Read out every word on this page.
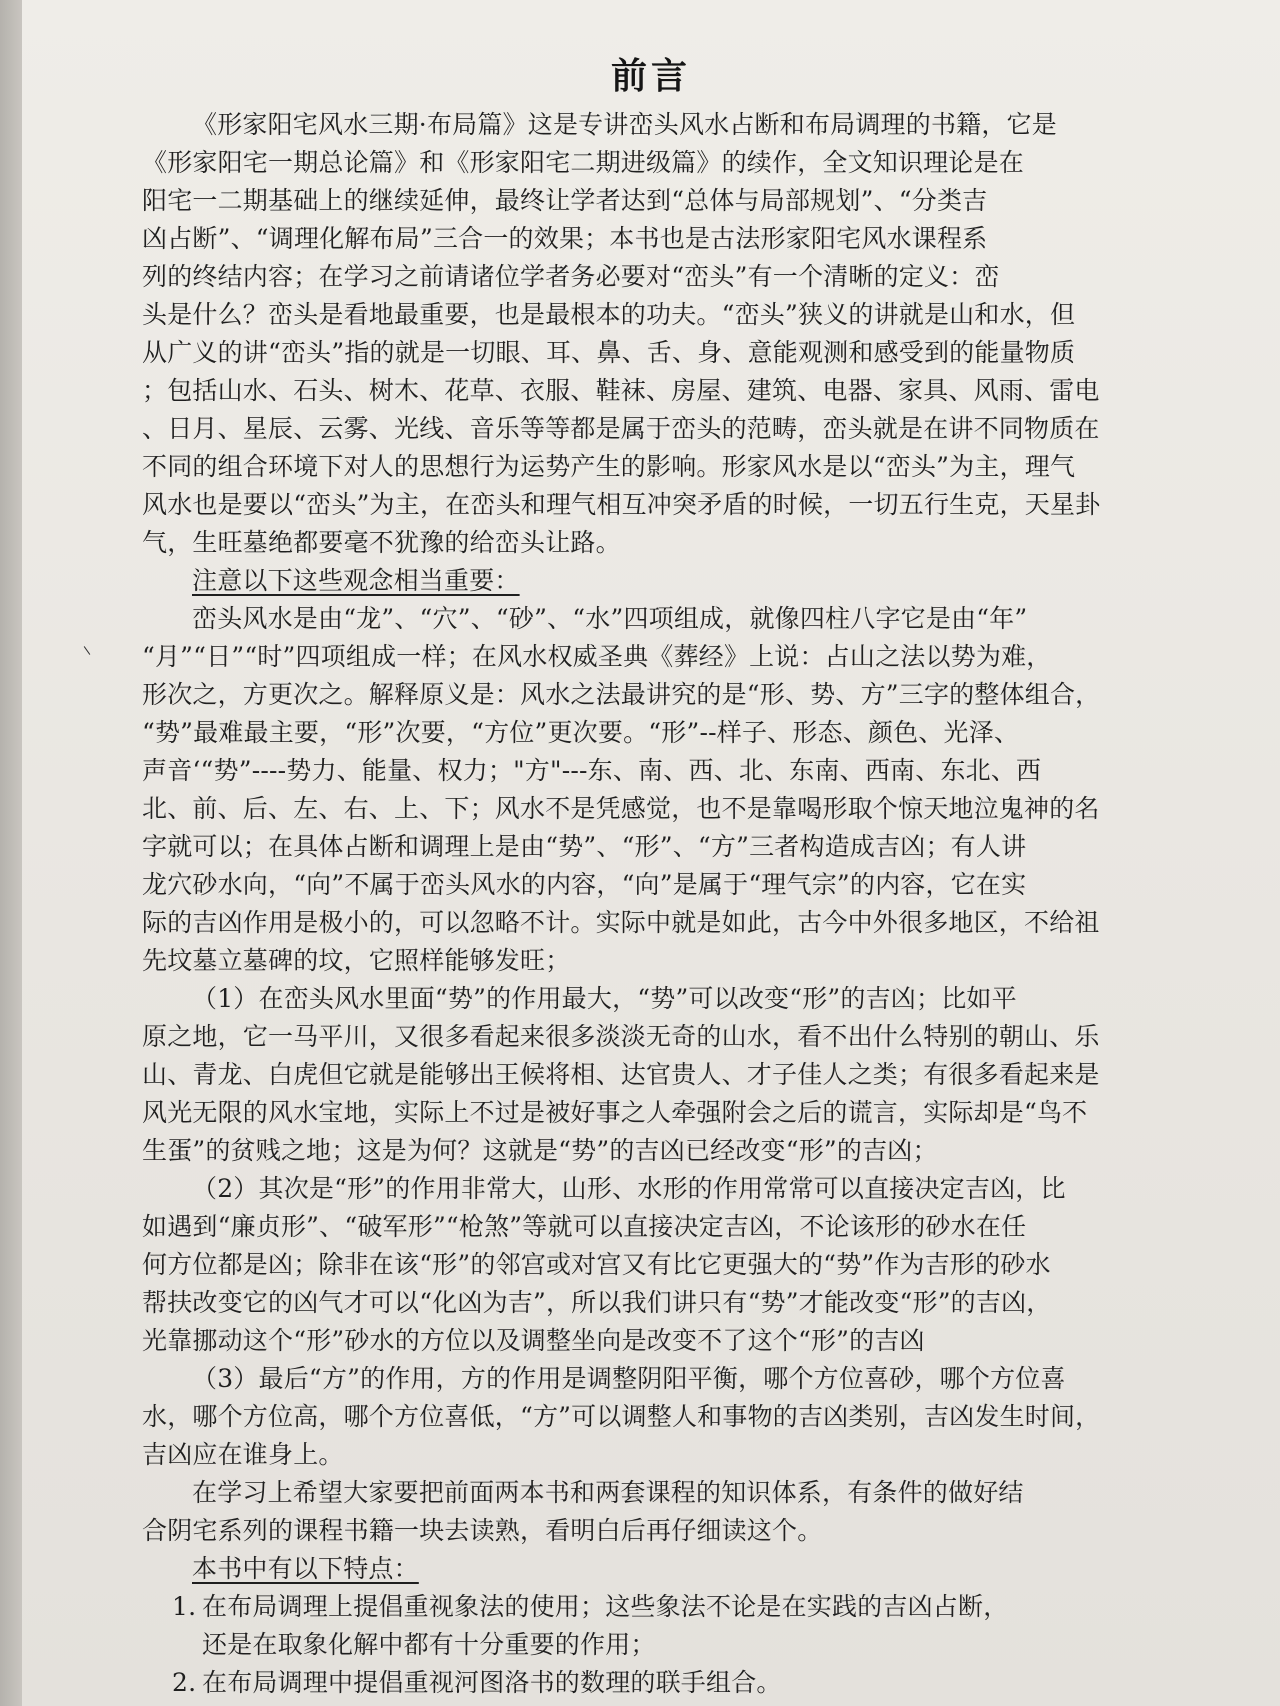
前言
《形家阳宅风水三期·布局篇》这是专讲峦头风水占断和布局调理的书籍，它是
《形家阳宅一期总论篇》和《形家阳宅二期进级篇》的续作，全文知识理论是在
阳宅一二期基础上的继续延伸，最终让学者达到“总体与局部规划”、“分类吉
凶占断”、“调理化解布局”三合一的效果；本书也是古法形家阳宅风水课程系
列的终结内容；在学习之前请诸位学者务必要对“峦头”有一个清晰的定义：峦
头是什么？峦头是看地最重要，也是最根本的功夫。“峦头”狭义的讲就是山和水，但
从广义的讲“峦头”指的就是一切眼、耳、鼻、舌、身、意能观测和感受到的能量物质
；包括山水、石头、树木、花草、衣服、鞋袜、房屋、建筑、电器、家具、风雨、雷电
、日月、星辰、云雾、光线、音乐等等都是属于峦头的范畴，峦头就是在讲不同物质在
不同的组合环境下对人的思想行为运势产生的影响。形家风水是以“峦头”为主，理气
风水也是要以“峦头”为主，在峦头和理气相互冲突矛盾的时候，一切五行生克，天星卦
气，生旺墓绝都要毫不犹豫的给峦头让路。
注意以下这些观念相当重要：
峦头风水是由“龙”、“穴”、“砂”、“水”四项组成，就像四柱八字它是由“年”
“月”“日”“时”四项组成一样；在风水权威圣典《葬经》上说：占山之法以势为难，
形次之，方更次之。解释原义是：风水之法最讲究的是“形、势、方”三字的整体组合，
“势”最难最主要，“形”次要，“方位”更次要。“形”--样子、形态、颜色、光泽、
声音‘“势”----势力、能量、权力；"方"---东、南、西、北、东南、西南、东北、西
北、前、后、左、右、上、下；风水不是凭感觉，也不是靠喝形取个惊天地泣鬼神的名
字就可以；在具体占断和调理上是由“势”、“形”、“方”三者构造成吉凶；有人讲
龙穴砂水向，“向”不属于峦头风水的内容，“向”是属于“理气宗”的内容，它在实
际的吉凶作用是极小的，可以忽略不计。实际中就是如此，古今中外很多地区，不给祖
先坟墓立墓碑的坟，它照样能够发旺；
（1）在峦头风水里面“势”的作用最大，“势”可以改变“形”的吉凶；比如平
原之地，它一马平川，又很多看起来很多淡淡无奇的山水，看不出什么特别的朝山、乐
山、青龙、白虎但它就是能够出王候将相、达官贵人、才子佳人之类；有很多看起来是
风光无限的风水宝地，实际上不过是被好事之人牵强附会之后的谎言，实际却是“鸟不
生蛋”的贫贱之地；这是为何？这就是“势”的吉凶已经改变“形”的吉凶；
（2）其次是“形”的作用非常大，山形、水形的作用常常可以直接决定吉凶，比
如遇到“廉贞形”、“破军形”“枪煞”等就可以直接决定吉凶，不论该形的砂水在任
何方位都是凶；除非在该“形”的邻宫或对宫又有比它更强大的“势”作为吉形的砂水
帮扶改变它的凶气才可以“化凶为吉”，所以我们讲只有“势”才能改变“形”的吉凶，
光靠挪动这个“形”砂水的方位以及调整坐向是改变不了这个“形”的吉凶
（3）最后“方”的作用，方的作用是调整阴阳平衡，哪个方位喜砂，哪个方位喜
水，哪个方位高，哪个方位喜低，“方”可以调整人和事物的吉凶类别，吉凶发生时间，
吉凶应在谁身上。
在学习上希望大家要把前面两本书和两套课程的知识体系，有条件的做好结
合阴宅系列的课程书籍一块去读熟，看明白后再仔细读这个。
本书中有以下特点：
1. 在布局调理上提倡重视象法的使用；这些象法不论是在实践的吉凶占断，
还是在取象化解中都有十分重要的作用；
2. 在布局调理中提倡重视河图洛书的数理的联手组合。
